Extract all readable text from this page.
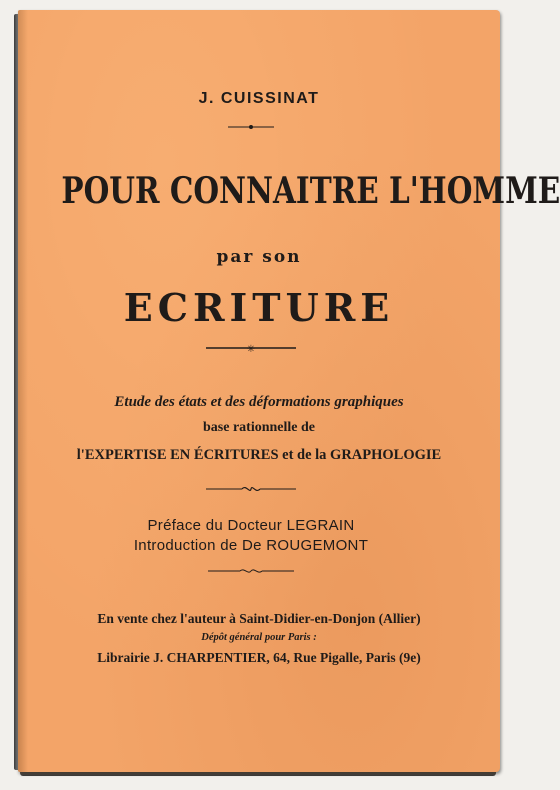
J. CUISSINAT
POUR CONNAITRE L'HOMME
par son
ECRITURE
✳
Etude des états et des déformations graphiques
base rationnelle de
l'EXPERTISE EN ÉCRITURES et de la GRAPHOLOGIE
Préface du Docteur LEGRAIN
Introduction de De ROUGEMONT
En vente chez l'auteur à Saint-Didier-en-Donjon (Allier)
Dépôt général pour Paris :
Librairie J. CHARPENTIER, 64, Rue Pigalle, Paris (9e)
